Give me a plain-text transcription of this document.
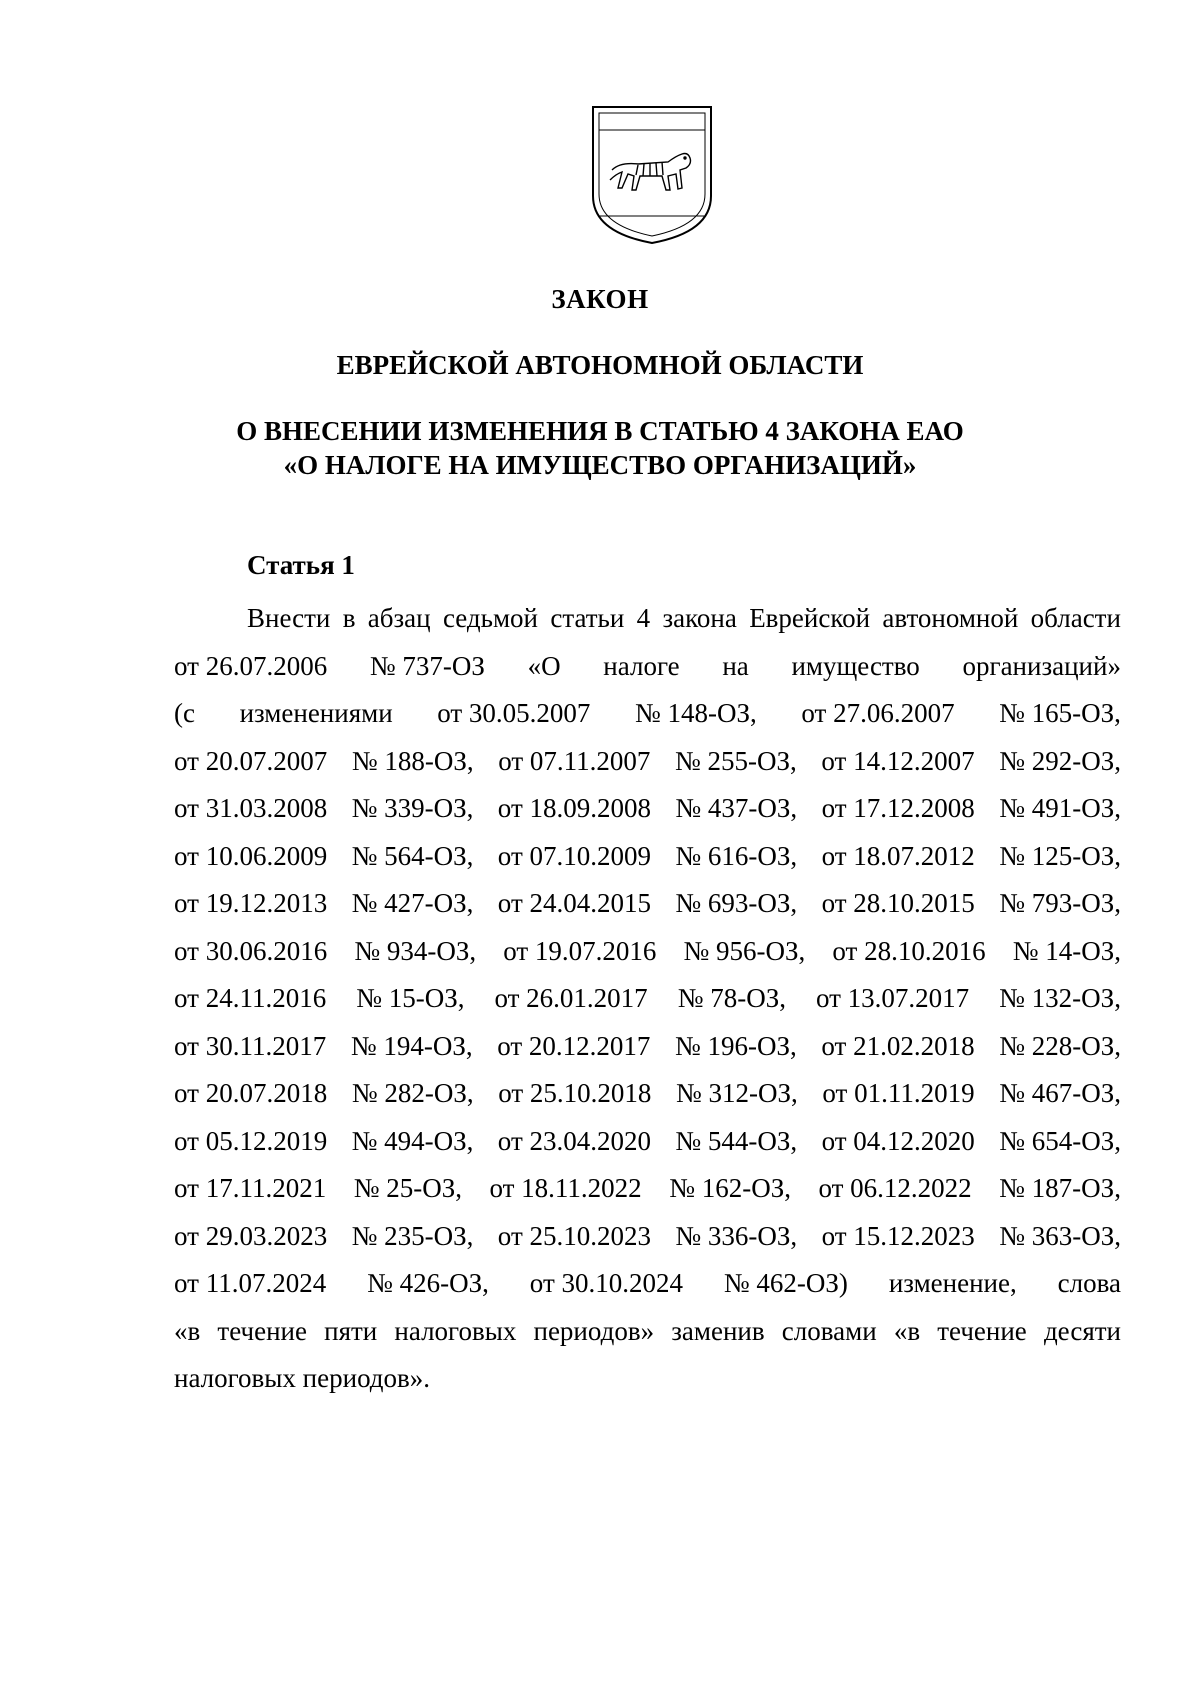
ЗАКОН
ЕВРЕЙСКОЙ АВТОНОМНОЙ ОБЛАСТИ
О ВНЕСЕНИИ ИЗМЕНЕНИЯ В СТАТЬЮ 4 ЗАКОНА ЕАО
«О НАЛОГЕ НА ИМУЩЕСТВО ОРГАНИЗАЦИЙ»
Статья 1
Внести в абзац седьмой статьи 4 закона Еврейской автономной области
от 26.07.2006 № 737-ОЗ «О налоге на имущество организаций»
(с изменениями от 30.05.2007 № 148-ОЗ, от 27.06.2007 № 165-ОЗ,
от 20.07.2007 № 188-ОЗ, от 07.11.2007 № 255-ОЗ, от 14.12.2007 № 292-ОЗ,
от 31.03.2008 № 339-ОЗ, от 18.09.2008 № 437-ОЗ, от 17.12.2008 № 491-ОЗ,
от 10.06.2009 № 564-ОЗ, от 07.10.2009 № 616-ОЗ, от 18.07.2012 № 125-ОЗ,
от 19.12.2013 № 427-ОЗ, от 24.04.2015 № 693-ОЗ, от 28.10.2015 № 793-ОЗ,
от 30.06.2016 № 934-ОЗ, от 19.07.2016 № 956-ОЗ, от 28.10.2016 № 14-ОЗ,
от 24.11.2016 № 15-ОЗ, от 26.01.2017 № 78-ОЗ, от 13.07.2017 № 132-ОЗ,
от 30.11.2017 № 194-ОЗ, от 20.12.2017 № 196-ОЗ, от 21.02.2018 № 228-ОЗ,
от 20.07.2018 № 282-ОЗ, от 25.10.2018 № 312-ОЗ, от 01.11.2019 № 467-ОЗ,
от 05.12.2019 № 494-ОЗ, от 23.04.2020 № 544-ОЗ, от 04.12.2020 № 654-ОЗ,
от 17.11.2021 № 25-ОЗ, от 18.11.2022 № 162-ОЗ, от 06.12.2022 № 187-ОЗ,
от 29.03.2023 № 235-ОЗ, от 25.10.2023 № 336-ОЗ, от 15.12.2023 № 363-ОЗ,
от 11.07.2024 № 426-ОЗ, от 30.10.2024 № 462-ОЗ) изменение, слова
«в течение пяти налоговых периодов» заменив словами «в течение десяти
налоговых периодов».
